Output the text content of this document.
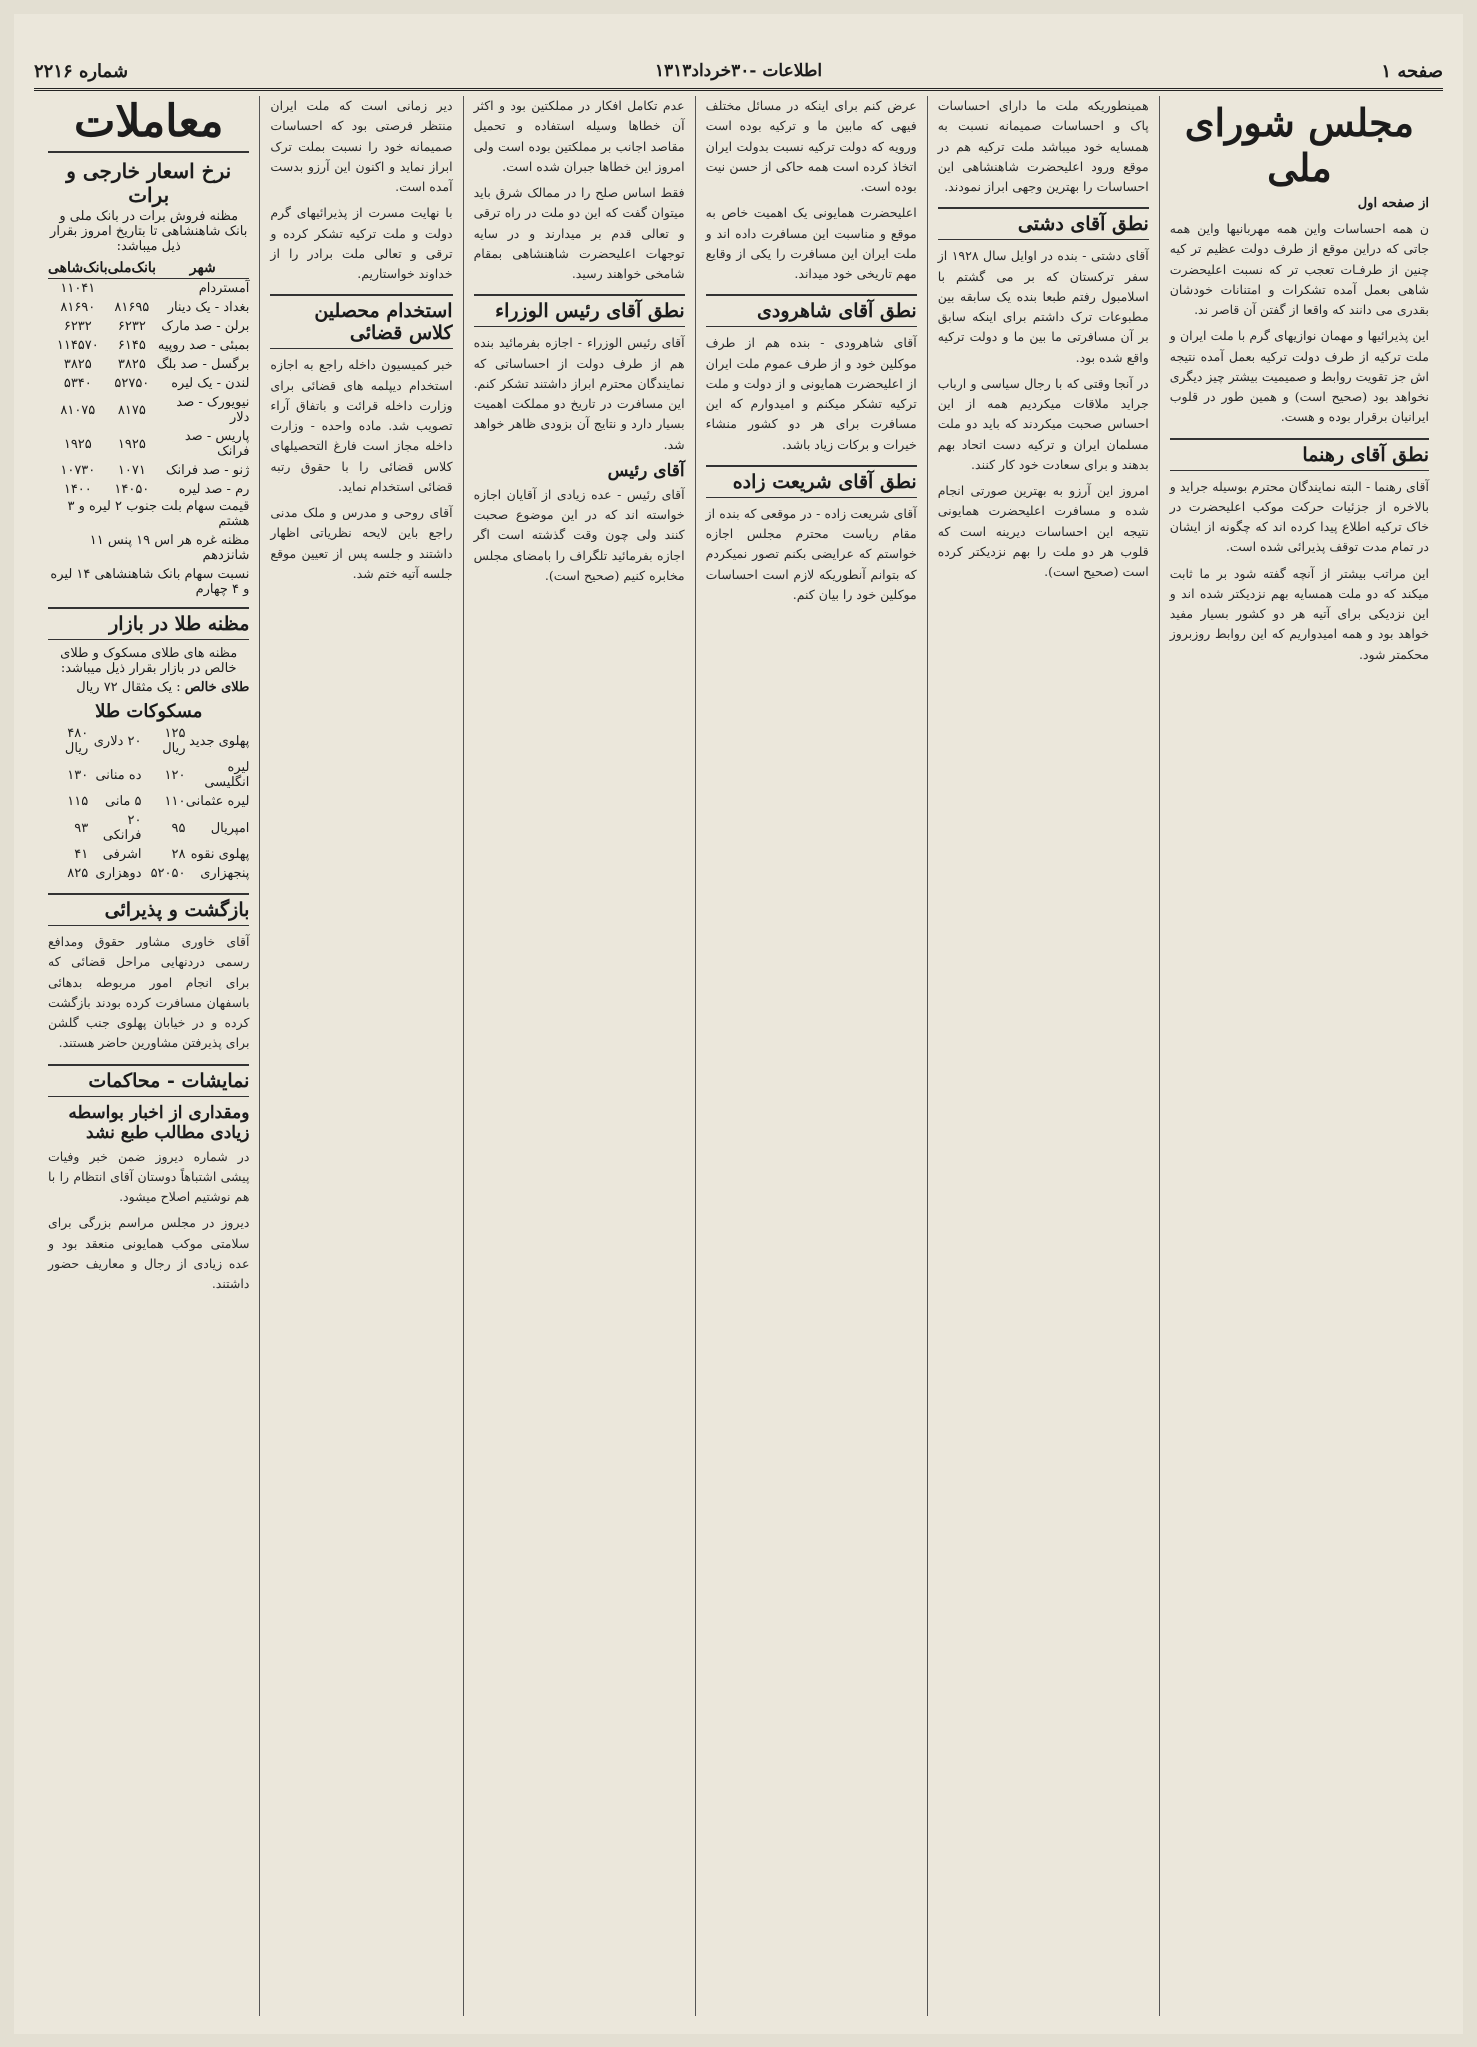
صفحه ۱
اطلاعات -۳۰خرداد۱۳۱۳
شماره ۲۲۱۶
مجلس شورای ملی
از صفحه اول

ن همه احساسات واین همه مهربانیها واین همه جاتی که دراین موقع از طرف دولت عظیم تر کیه چنین از طرفـات تعجب تر که نسبت اعلیحضرت شاهی بعمل آمده تشکرات و امتنانات خودشان بقدری می دانند که واقعا از گفتن آن قاصر ند.

این پذیرائیها و مهمان نوازیهای گرم با ملت ایران و ملت ترکیه از طرف دولت ترکیه بعمل آمده نتیجه اش جز تقویت روابط و صمیمیت بیشتر چیز دیگری نخواهد بود (صحیح است) و همین طور در قلوب ایرانیان برقرار بوده و هست.

نطق آقای رهنما

آقای رهنما - البته نمایندگان محترم بوسیله جراید و بالاخره از جزئیات حرکت موکب اعلیحضرت در خاک ترکیه اطلاع پیدا کرده اند که چگونه از ایشان در تمام مدت توقف پذیرائی شده است.

این مراتب بیشتر از آنچه گفته شود بر ما ثابت میکند که دو ملت همسایه بهم نزدیکتر شده اند و این نزدیکی برای آتیه هر دو کشور بسیار مفید خواهد بود و همه امیدواریم که این روابط روزبروز محکمتر شود.

همینطوریکه ملت ما دارای احساسات پاک و احساسات صمیمانه نسبت به همسایه خود میباشد ملت ترکیه هم در موقع ورود اعلیحضرت شاهنشاهی این احساسات را بهترین وجهی ابراز نمودند.

نطق آقای دشتی

آقای دشتی - بنده در اوایل سال ۱۹۲۸ از سفر ترکستان که بر می گشتم با اسلامبول رفتم طبعا بنده یک سابقه بین مطبوعات ترک داشتم برای اینکه سابق بر آن مسافرتی ما بین ما و دولت ترکیه واقع شده بود.

در آنجا وقتی که با رجال سیاسی و ارباب جراید ملاقات میکردیم همه از این احساس صحبت میکردند که باید دو ملت مسلمان ایران و ترکیه دست اتحاد بهم بدهند و برای سعادت خود کار کنند.

امروز این آرزو به بهترین صورتی انجام شده و مسافرت اعلیحضرت همایونی نتیجه این احساسات دیرینه است که قلوب هر دو ملت را بهم نزدیکتر کرده است (صحیح است).

عرض کنم برای اینکه در مسائل مختلف فیهی که مابین ما و ترکیه بوده است ورویه که دولت ترکیه نسبت بدولت ایران اتخاذ کرده است همه حاکی از حسن نیت بوده است.

اعلیحضرت همایونی یک اهمیت خاص به موقع و مناسبت این مسافرت داده اند و ملت ایران این مسافرت را یکی از وقایع مهم تاریخی خود میداند.

نطق آقای شاهرودی

آقای شاهرودی - بنده هم از طرف موکلین خود و از طرف عموم ملت ایران از اعلیحضرت همایونی و از دولت و ملت ترکیه تشکر میکنم و امیدوارم که این مسافرت برای هر دو کشور منشاء خیرات و برکات زیاد باشد.

نطق آقای شریعت زاده

آقای شریعت زاده - در موقعی که بنده از مقام ریاست محترم مجلس اجازه خواستم که عرایضی بکنم تصور نمیکردم که بتوانم آنطوریکه لازم است احساسات موکلین خود را بیان کنم.

عدم تکامل افکار در مملکتین بود و اکثر آن خطاها وسیله استفاده و تحمیل مقاصد اجانب بر مملکتین بوده است ولی امروز این خطاها جبران شده است.

فقط اساس صلح را در ممالک شرق باید میتوان گفت که این دو ملت در راه ترقی و تعالی قدم بر میدارند و در سایه توجهات اعلیحضرت شاهنشاهی بمقام شامخی خواهند رسید.

نطق آقای رئیس الوزراء

آقای رئیس الوزراء - اجازه بفرمائید بنده هم از طرف دولت از احساساتی که نمایندگان محترم ابراز داشتند تشکر کنم. این مسافرت در تاریخ دو مملکت اهمیت بسیار دارد و نتایج آن بزودی ظاهر خواهد شد.

آقای رئیس

آقای رئیس - عده زیادی از آقایان اجازه خواسته اند که در این موضوع صحبت کنند ولی چون وقت گذشته است اگر اجازه بفرمائید تلگراف را بامضای مجلس مخابره کنیم (صحیح است).

دیر زمانی است که ملت ایران منتظر فرصتی بود که احساسات صمیمانه خود را نسبت بملت ترک ابراز نماید و اکنون این آرزو بدست آمده است.

با نهایت مسرت از پذیرائیهای گرم دولت و ملت ترکیه تشکر کرده و ترقی و تعالی ملت برادر را از خداوند خواستاریم.

استخدام محصلین کلاس قضائی

خبر کمیسیون داخله راجع به اجازه استخدام دیپلمه های قضائی برای وزارت داخله قرائت و باتفاق آراء تصویب شد. ماده واحده - وزارت داخله مجاز است فارغ التحصیلهای کلاس قضائی را با حقوق رتبه قضائی استخدام نماید.

آقای روحی و مدرس و ملک مدنی راجع باین لایحه نظریاتی اظهار داشتند و جلسه پس از تعیین موقع جلسه آتیه ختم شد.

معاملات
نرخ اسعار خارجی و برات
مظنه فروش برات در بانک ملی و بانک شاهنشاهی تا بتاریخ امروز بقرار ذیل میباشد:
شهر	بانک‌ملی	بانک‌شاهی
آمستردام		۱۱۰۴۱
بغداد - یک دینار	۸۱۶۹۵	۸۱۶۹۰
برلن - صد مارک	۶۲۳۲	۶۲۳۲
بمبئی - صد روپیه	۶۱۴۵	۱۱۴۵۷۰
برگسل - صد بلگ	۳۸۲۵	۳۸۲۵
لندن - یک لیره	۵۲۷۵۰	۵۳۴۰
نیویورک - صد دلار	۸۱۷۵	۸۱۰۷۵
پاریس - صد فرانک	۱۹۲۵	۱۹۲۵
ژنو - صد فرانک	۱۰۷۱	۱۰۷۳۰
رم - صد لیره	۱۴۰۵۰	۱۴۰۰
قیمت سهام بلت جنوب ۲ لیره و ۳ هشتم
مظنه غره هر اس ۱۹ پنس ۱۱ شانزدهم
نسبت سهام بانک شاهنشاهی ۱۴ لیره و ۴ چهارم
مظنه طلا در بازار
مظنه های طلای مسکوک و طلای خالص در بازار بقرار ذیل میباشد:
طلای خالص : یک مثقال ۷۲ ریال
مسکوکات طلا
پهلوی جدید	۱۲۵ ریال	۲۰ دلاری	۴۸۰ ریال
لیره انگلیسی	۱۲۰	ده منانی	۱۳۰
لیره عثمانی	۱۱۰	۵ مانی	۱۱۵
امپریال	۹۵	۲۰ فرانکی	۹۳
پهلوی نقوه	۲۸	اشرفی	۴۱
پنجهزاری	۵۲۰۵۰	دوهزاری	۸۲۵
بازگشت و پذیرائی

آقای خاوری مشاور حقوق ومدافع رسمی دردنهایی مراحل قضائی که برای انجام امور مربوطه بدهائی باسفهان مسافرت کرده بودند بازگشت کرده و در خیابان پهلوی جنب گلشن برای پذیرفتن مشاورین حاضر هستند.

نمایشات - محاکمات
ومقداری از اخبار بواسطه زیادی مطالب طبع نشد

در شماره دیروز ضمن خبر وفیات پیشی اشتباهاً دوستان آقای انتظام را با هم نوشتیم اصلاح میشود.

دیروز در مجلس مراسم بزرگی برای سلامتی موکب همایونی منعقد بود و عده زیادی از رجال و معاریف حضور داشتند.
